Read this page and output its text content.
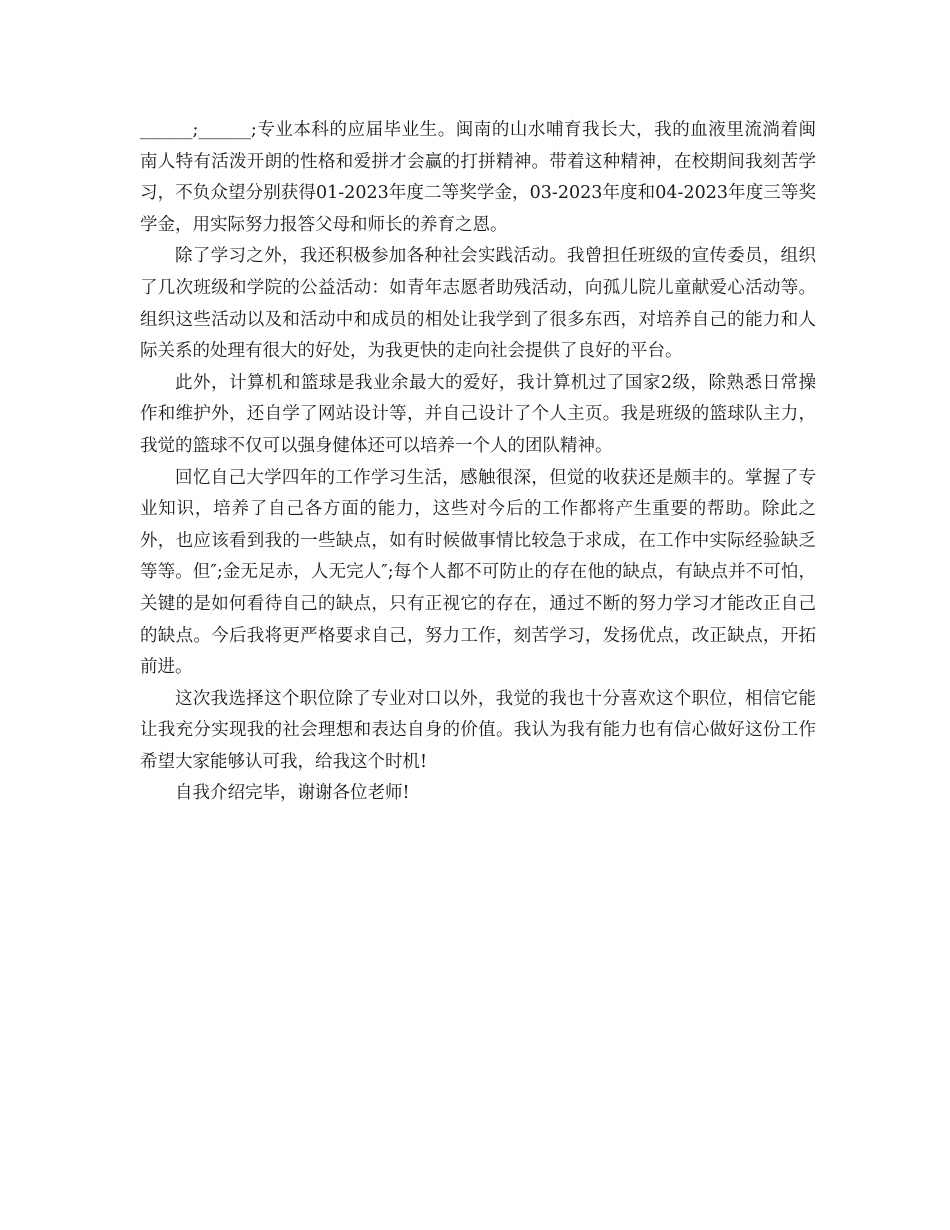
______;______;专业本科的应届毕业生。闽南的山水哺育我长大，我的血液里流淌着闽南人特有活泼开朗的性格和爱拼才会赢的打拼精神。带着这种精神，在校期间我刻苦学习，不负众望分别获得01-2023年度二等奖学金，03-2023年度和04-2023年度三等奖学金，用实际努力报答父母和师长的养育之恩。

除了学习之外，我还积极参加各种社会实践活动。我曾担任班级的宣传委员，组织了几次班级和学院的公益活动：如青年志愿者助残活动，向孤儿院儿童献爱心活动等。组织这些活动以及和活动中和成员的相处让我学到了很多东西，对培养自己的能力和人际关系的处理有很大的好处，为我更快的走向社会提供了良好的平台。

此外，计算机和篮球是我业余最大的爱好，我计算机过了国家2级，除熟悉日常操作和维护外，还自学了网站设计等，并自己设计了个人主页。我是班级的篮球队主力，我觉的篮球不仅可以强身健体还可以培养一个人的团队精神。

回忆自己大学四年的工作学习生活，感触很深，但觉的收获还是颇丰的。掌握了专业知识，培养了自己各方面的能力，这些对今后的工作都将产生重要的帮助。除此之外，也应该看到我的一些缺点，如有时候做事情比较急于求成，在工作中实际经验缺乏等等。但″;金无足赤，人无完人″;每个人都不可防止的存在他的缺点，有缺点并不可怕，关键的是如何看待自己的缺点，只有正视它的存在，通过不断的努力学习才能改正自己的缺点。今后我将更严格要求自己，努力工作，刻苦学习，发扬优点，改正缺点，开拓前进。

这次我选择这个职位除了专业对口以外，我觉的我也十分喜欢这个职位，相信它能让我充分实现我的社会理想和表达自身的价值。我认为我有能力也有信心做好这份工作希望大家能够认可我，给我这个时机!

自我介绍完毕，谢谢各位老师!
